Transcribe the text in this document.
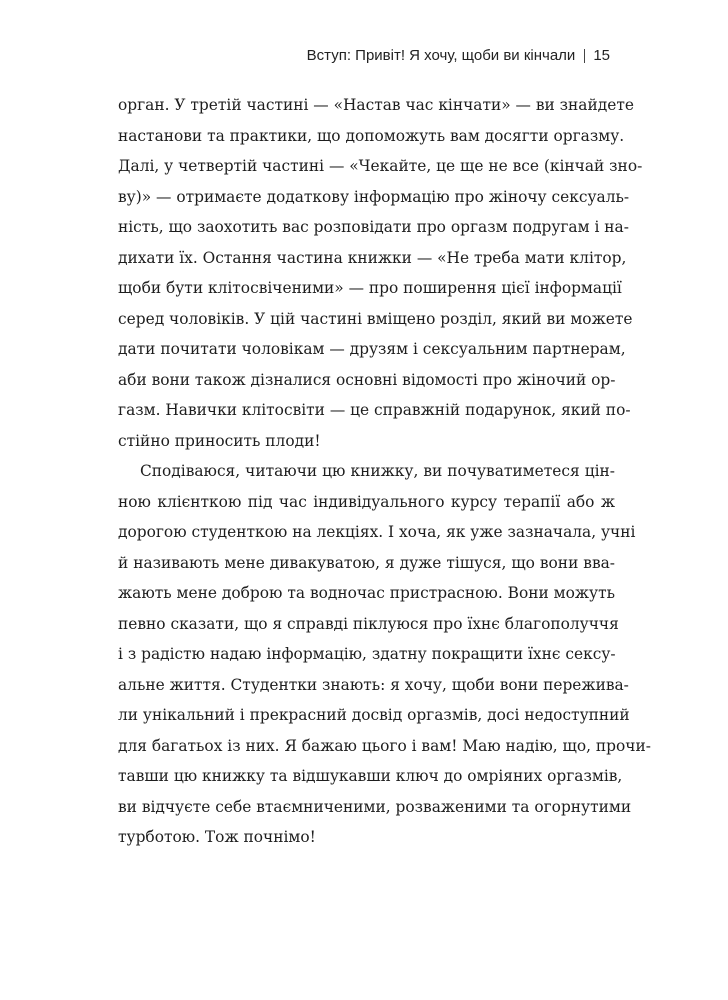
Вступ: Привіт! Я хочу, щоби ви кінчали 15
орган. У третій частині — «Настав час кінчати» — ви знайдете
настанови та практики, що допоможуть вам досягти оргазму.
Далі, у четвертій частині — «Чекайте, це ще не все (кінчай зно-
ву)» — отримаєте додаткову інформацію про жіночу сексуаль-
ність, що заохотить вас розповідати про оргазм подругам і на-
дихати їх. Остання частина книжки — «Не треба мати клітор,
щоби бути клітосвіченими» — про поширення цієї інформації
серед чоловіків. У цій частині вміщено розділ, який ви можете
дати почитати чоловікам — друзям і сексуальним партнерам,
аби вони також дізналися основні відомості про жіночий ор-
газм. Навички клітосвіти — це справжній подарунок, який по-
стійно приносить плоди!
Сподіваюся, читаючи цю книжку, ви почуватиметеся цін-
ною клієнткою під час індивідуального курсу терапії або ж
дорогою студенткою на лекціях. І хоча, як уже зазначала, учні
й називають мене дивакуватою, я дуже тішуся, що вони вва-
жають мене доброю та водночас пристрасною. Вони можуть
певно сказати, що я справді піклуюся про їхнє благополуччя
і з радістю надаю інформацію, здатну покращити їхнє сексу-
альне життя. Студентки знають: я хочу, щоби вони пережива-
ли унікальний і прекрасний досвід оргазмів, досі недоступний
для багатьох із них. Я бажаю цього і вам! Маю надію, що, прочи-
тавши цю книжку та відшукавши ключ до омріяних оргазмів,
ви відчуєте себе втаємниченими, розваженими та огорнутими
турботою. Тож почнімо!
